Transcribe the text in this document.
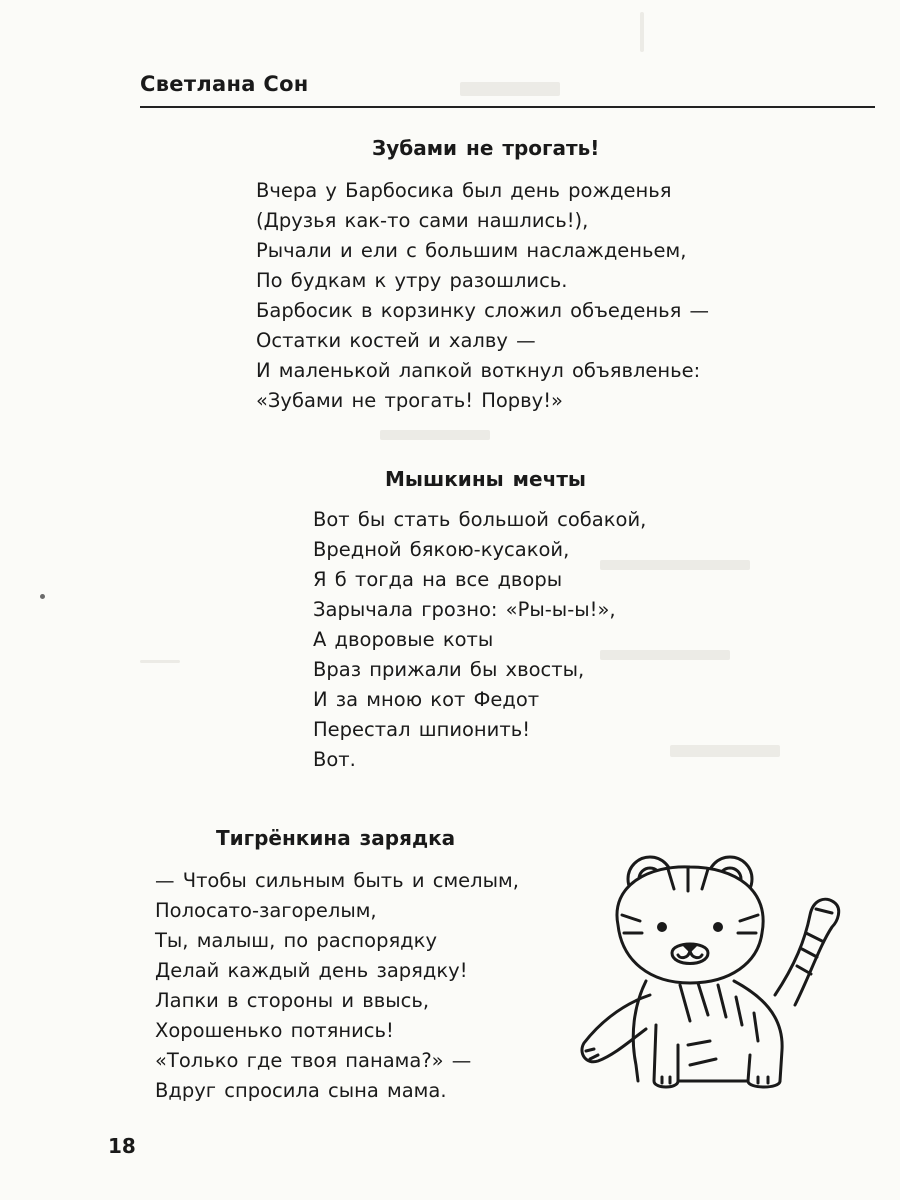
Светлана Сон
Зубами не трогать!
Вчера у Барбосика был день рожденья
(Друзья как-то сами нашлись!),
Рычали и ели с большим наслажденьем,
По будкам к утру разошлись.
Барбосик в корзинку сложил объеденья —
Остатки костей и халву —
И маленькой лапкой воткнул объявленье:
«Зубами не трогать! Порву!»
Мышкины мечты
Вот бы стать большой собакой,
Вредной бякою-кусакой,
Я б тогда на все дворы
Зарычала грозно: «Ры-ы-ы!»,
А дворовые коты
Враз прижали бы хвосты,
И за мною кот Федот
Перестал шпионить!
Вот.
Тигрёнкина зарядка
— Чтобы сильным быть и смелым,
Полосато-загорелым,
Ты, малыш, по распорядку
Делай каждый день зарядку!
Лапки в стороны и ввысь,
Хорошенько потянись!
«Только где твоя панама?» —
Вдруг спросила сына мама.
18
